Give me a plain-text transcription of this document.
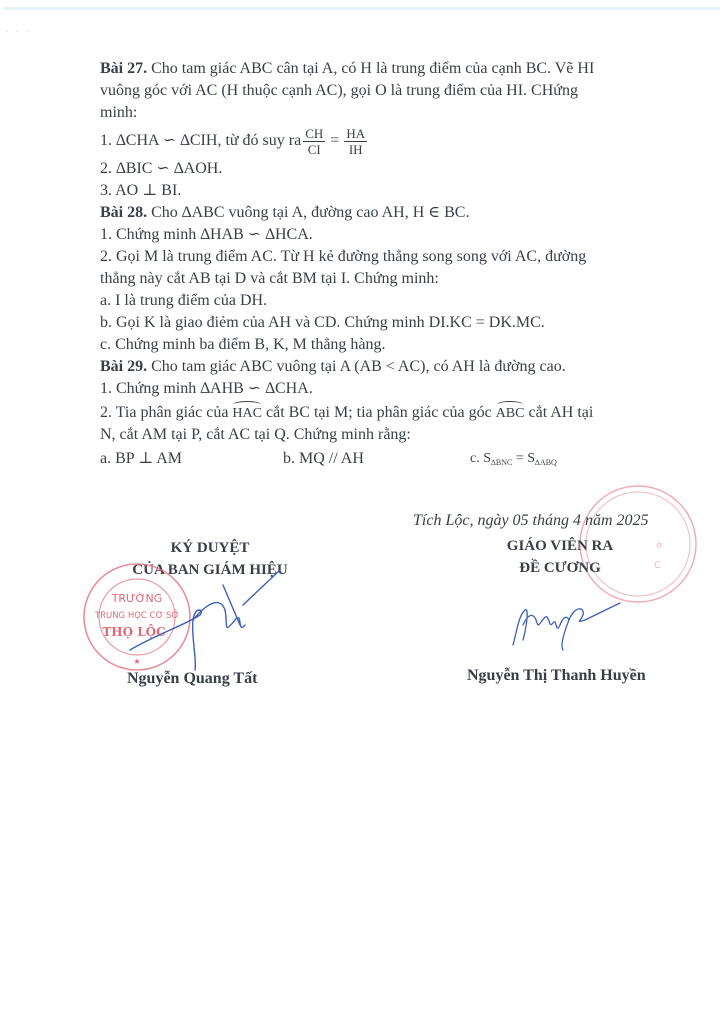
· · ·
Bài 27. Cho tam giác ABC cân tại A, có H là trung điểm của cạnh BC. Vẽ HI
vuông góc với AC (H thuộc cạnh AC), gọi O là trung điểm của HI. CHứng
minh:
1. ∆CHA ∽ ∆CIH, từ đó suy ra $\frac{CH}{CI} = \frac{HA}{IH}$
2. ∆BIC ∽ ∆AOH.
3. AO ⊥ BI.
Bài 28. Cho ∆ABC vuông tại A, đường cao AH, H ∈ BC.
1. Chứng minh ∆HAB ∽ ∆HCA.
2. Gọi M là trung điểm AC. Từ H kẻ đường thẳng song song với AC, đường
thẳng này cắt AB tại D và cắt BM tại I. Chứng minh:
a. I là trung điểm của DH.
b. Gọi K là giao điẻm của AH và CD. Chứng minh DI.KC = DK.MC.
c. Chứng minh ba điểm B, K, M thẳng hàng.
Bài 29. Cho tam giác ABC vuông tại A (AB < AC), có AH là đường cao.
1. Chứng minh ∆AHB ∽ ∆CHA.
2. Tia phân giác của HAC cắt BC tại M; tia phân giác của góc ABC cắt AH tại
N, cắt AM tại P, cắt AC tại Q. Chứng minh rằng:
a. BP ⊥ AM	b. MQ // AH	c. $S_{\Delta BNC} = S_{\Delta ABQ}$
ở
C
Tích Lộc, ngày 05 tháng 4 năm 2025
KÝ DUYỆT
CỦA BAN GIÁM HIỆU
GIÁO VIÊN RA
ĐỀ CƯƠNG
TRƯỜNG
TRUNG HỌC CƠ SỞ
THỌ LỘC
★
Nguyễn Quang Tất	Nguyễn Thị Thanh Huyền
